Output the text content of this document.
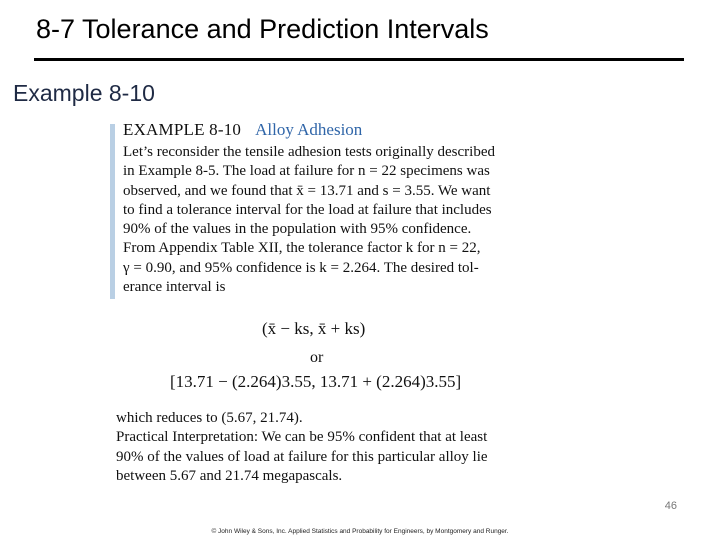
8-7 Tolerance and Prediction Intervals
Example 8-10
EXAMPLE 8-10 Alloy Adhesion
Let’s reconsider the tensile adhesion tests originally described
in Example 8-5. The load at failure for n = 22 specimens was
observed, and we found that x̄ = 13.71 and s = 3.55. We want
to find a tolerance interval for the load at failure that includes
90% of the values in the population with 95% confidence.
From Appendix Table XII, the tolerance factor k for n = 22,
γ = 0.90, and 95% confidence is k = 2.264. The desired tol-
erance interval is
(x̄ − ks, x̄ + ks)
or
[13.71 − (2.264)3.55, 13.71 + (2.264)3.55]
which reduces to (5.67, 21.74).
Practical Interpretation: We can be 95% confident that at least
90% of the values of load at failure for this particular alloy lie
between 5.67 and 21.74 megapascals.
46
© John Wiley & Sons, Inc. Applied Statistics and Probability for Engineers, by Montgomery and Runger.
